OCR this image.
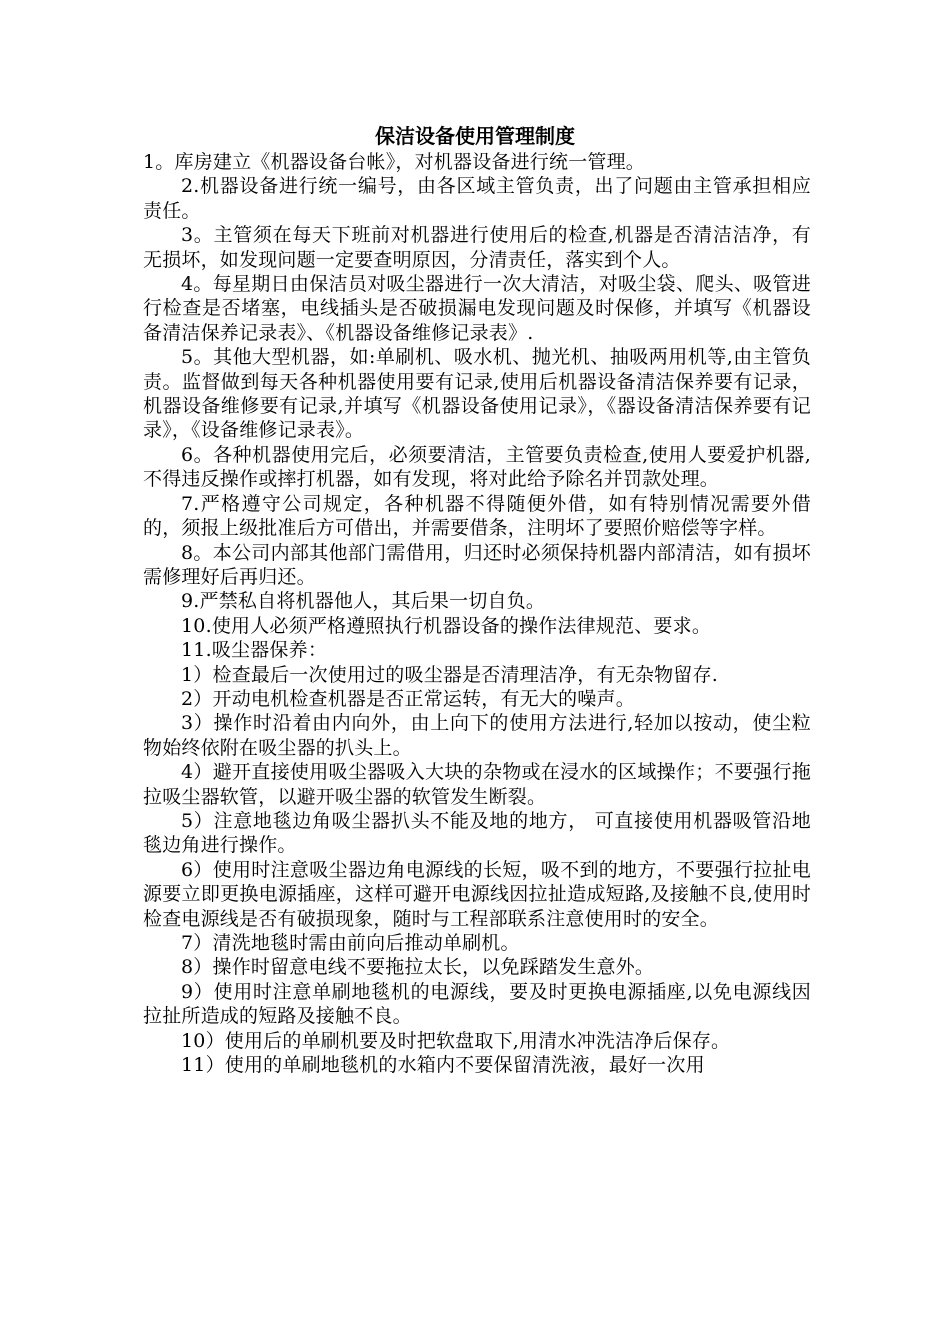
保洁设备使用管理制度

1。库房建立《机器设备台帐》，对机器设备进行统一管理。

2.机器设备进行统一编号，由各区域主管负责，出了问题由主管承担相应责任。

3。主管须在每天下班前对机器进行使用后的检查,机器是否清洁洁净，有无损坏，如发现问题一定要查明原因，分清责任，落实到个人。

4。每星期日由保洁员对吸尘器进行一次大清洁，对吸尘袋、爬头、吸管进行检查是否堵塞，电线插头是否破损漏电发现问题及时保修，并填写《机器设备清洁保养记录表》、《机器设备维修记录表》.

5。其他大型机器，如:单刷机、吸水机、抛光机、抽吸两用机等,由主管负责。监督做到每天各种机器使用要有记录,使用后机器设备清洁保养要有记录，机器设备维修要有记录,并填写《机器设备使用记录》，《器设备清洁保养要有记录》，《设备维修记录表》。

6。各种机器使用完后，必须要清洁，主管要负责检查,使用人要爱护机器,不得违反操作或摔打机器，如有发现，将对此给予除名并罚款处理。

7.严格遵守公司规定，各种机器不得随便外借，如有特别情况需要外借的，须报上级批准后方可借出，并需要借条，注明坏了要照价赔偿等字样。

8。本公司内部其他部门需借用，归还时必须保持机器内部清洁，如有损坏需修理好后再归还。

9.严禁私自将机器他人，其后果一切自负。

10.使用人必须严格遵照执行机器设备的操作法律规范、要求。

11.吸尘器保养：

1）检查最后一次使用过的吸尘器是否清理洁净，有无杂物留存.

2）开动电机检查机器是否正常运转，有无大的噪声。

3）操作时沿着由内向外，由上向下的使用方法进行,轻加以按动，使尘粒物始终依附在吸尘器的扒头上。

4）避开直接使用吸尘器吸入大块的杂物或在浸水的区域操作；不要强行拖拉吸尘器软管，以避开吸尘器的软管发生断裂。

5）注意地毯边角吸尘器扒头不能及地的地方， 可直接使用机器吸管沿地毯边角进行操作。

6）使用时注意吸尘器边角电源线的长短，吸不到的地方，不要强行拉扯电源要立即更换电源插座，这样可避开电源线因拉扯造成短路,及接触不良,使用时检查电源线是否有破损现象，随时与工程部联系注意使用时的安全。

7）清洗地毯时需由前向后推动单刷机。

8）操作时留意电线不要拖拉太长，以免踩踏发生意外。

9）使用时注意单刷地毯机的电源线，要及时更换电源插座,以免电源线因拉扯所造成的短路及接触不良。

10）使用后的单刷机要及时把软盘取下,用清水冲洗洁净后保存。

11）使用的单刷地毯机的水箱内不要保留清洗液，最好一次用
